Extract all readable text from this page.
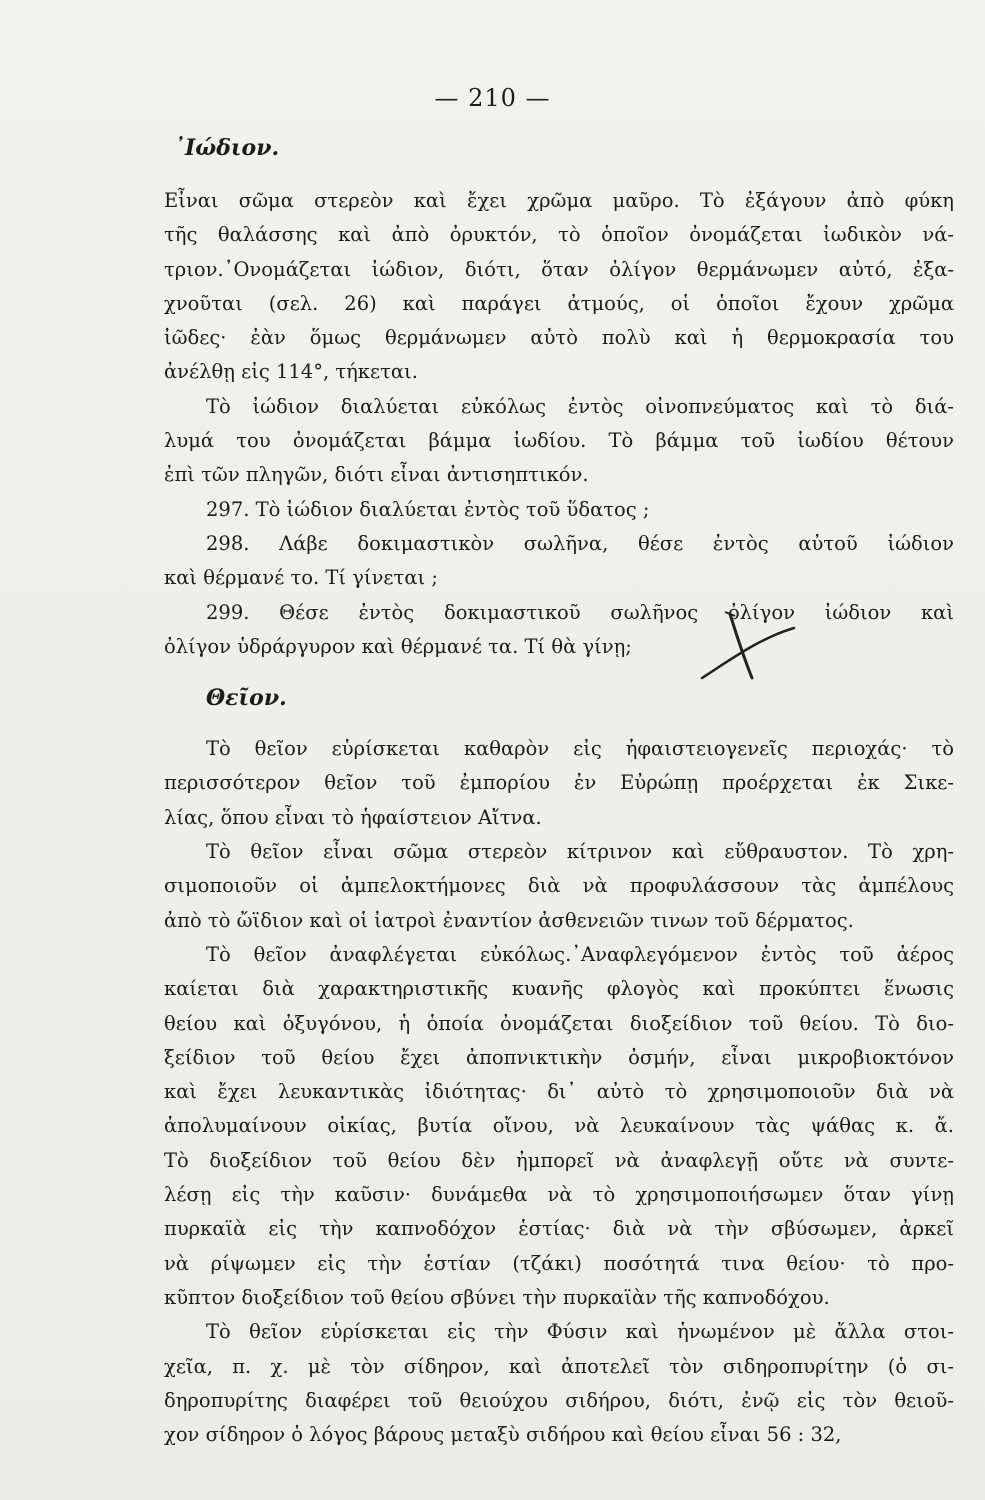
— 210 —
᾿Ιώδιον.

Εἶναι σῶμα στερεὸν καὶ ἔχει χρῶμα μαῦρο. Τὸ ἐξάγουν ἀπὸ φύκη
τῆς θαλάσσης καὶ ἀπὸ ὀρυκτόν, τὸ ὁποῖον ὀνομάζεται ἰωδικὸν νά-
τριον.᾿Ονομάζεται ἰώδιον, διότι, ὅταν ὀλίγον θερμάνωμεν αὐτό, ἐξα-
χνοῦται (σελ. 26) καὶ παράγει ἀτμούς, οἱ ὁποῖοι ἔχουν χρῶμα
ἰῶδες· ἐὰν ὅμως θερμάνωμεν αὐτὸ πολὺ καὶ ἡ θερμοκρασία του
ἀνέλθῃ εἰς 114°, τήκεται.

Τὸ ἰώδιον διαλύεται εὐκόλως ἐντὸς οἰνοπνεύματος καὶ τὸ διά-
λυμά του ὀνομάζεται βάμμα ἰωδίου. Τὸ βάμμα τοῦ ἰωδίου θέτουν
ἐπὶ τῶν πληγῶν, διότι εἶναι ἀντισηπτικόν.

297. Τὸ ἰώδιον διαλύεται ἐντὸς τοῦ ὕδατος ;

298. Λάβε δοκιμαστικὸν σωλῆνα, θέσε ἐντὸς αὐτοῦ ἰώδιον
καὶ θέρμανέ το. Τί γίνεται ;

299. Θέσε ἐντὸς δοκιμαστικοῦ σωλῆνος ὀλίγον ἰώδιον καὶ
ὀλίγον ὑδράργυρον καὶ θέρμανέ τα. Τί θὰ γίνῃ;

Θεῖον.

Τὸ θεῖον εὑρίσκεται καθαρὸν εἰς ἡφαιστειογενεῖς περιοχάς· τὸ
περισσότερον θεῖον τοῦ ἐμπορίου ἐν Εὐρώπῃ προέρχεται ἐκ Σικε-
λίας, ὅπου εἶναι τὸ ἡφαίστειον Αἴτνα.

Τὸ θεῖον εἶναι σῶμα στερεὸν κίτρινον καὶ εὔθραυστον. Τὸ χρη-
σιμοποιοῦν οἱ ἀμπελοκτήμονες διὰ νὰ προφυλάσσουν τὰς ἀμπέλους
ἀπὸ τὸ ὤϊδιον καὶ οἱ ἰατροὶ ἐναντίον ἀσθενειῶν τινων τοῦ δέρματος.

Τὸ θεῖον ἀναφλέγεται εὐκόλως.᾿Αναφλεγόμενον ἐντὸς τοῦ ἀέρος
καίεται διὰ χαρακτηριστικῆς κυανῆς φλογὸς καὶ προκύπτει ἕνωσις
θείου καὶ ὀξυγόνου, ἡ ὁποία ὀνομάζεται διοξείδιον τοῦ θείου. Τὸ διο-
ξείδιον τοῦ θείου ἔχει ἀποπνικτικὴν ὀσμήν, εἶναι μικροβιοκτόνον
καὶ ἔχει λευκαντικὰς ἰδιότητας· δι᾿ αὐτὸ τὸ χρησιμοποιοῦν διὰ νὰ
ἀπολυμαίνουν οἰκίας, βυτία οἴνου, νὰ λευκαίνουν τὰς ψάθας κ. ἄ.
Τὸ διοξείδιον τοῦ θείου δὲν ἠμπορεῖ νὰ ἀναφλεγῇ οὔτε νὰ συντε-
λέσῃ εἰς τὴν καῦσιν· δυνάμεθα νὰ τὸ χρησιμοποιήσωμεν ὅταν γίνῃ
πυρκαϊὰ εἰς τὴν καπνοδόχον ἑστίας· διὰ νὰ τὴν σβύσωμεν, ἀρκεῖ
νὰ ρίψωμεν εἰς τὴν ἑστίαν (τζάκι) ποσότητά τινα θείου· τὸ προ-
κῦπτον διοξείδιον τοῦ θείου σβύνει τὴν πυρκαϊὰν τῆς καπνοδόχου.

Τὸ θεῖον εὑρίσκεται εἰς τὴν Φύσιν καὶ ἡνωμένον μὲ ἄλλα στοι-
χεῖα, π. χ. μὲ τὸν σίδηρον, καὶ ἀποτελεῖ τὸν σιδηροπυρίτην (ὁ σι-
δηροπυρίτης διαφέρει τοῦ θειούχου σιδήρου, διότι, ἐνῷ εἰς τὸν θειοῦ-
χον σίδηρον ὁ λόγος βάρους μεταξὺ σιδήρου καὶ θείου εἶναι 56 : 32,
